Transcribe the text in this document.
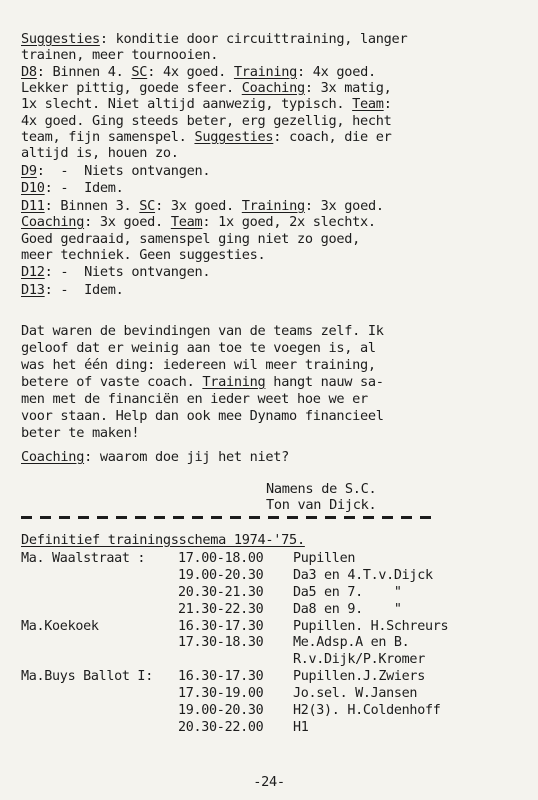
Suggesties: konditie door circuittraining, langer
trainen, meer tournooien.
D8: Binnen 4. SC: 4x goed. Training: 4x goed.
Lekker pittig, goede sfeer. Coaching: 3x matig,
1x slecht. Niet altijd aanwezig, typisch. Team:
4x goed. Ging steeds beter, erg gezellig, hecht
team, fijn samenspel. Suggesties: coach, die er
altijd is, houen zo.
D9:  -  Niets ontvangen.
D10: -  Idem.
D11: Binnen 3. SC: 3x goed. Training: 3x goed.
Coaching: 3x goed. Team: 1x goed, 2x slechtx.
Goed gedraaid, samenspel ging niet zo goed,
meer techniek. Geen suggesties.
D12: -  Niets ontvangen.
D13: -  Idem.
Dat waren de bevindingen van de teams zelf. Ik
geloof dat er weinig aan toe te voegen is, al
was het één ding: iedereen wil meer training,
betere of vaste coach. Training hangt nauw sa-
men met de financiën en ieder weet hoe we er
voor staan. Help dan ook mee Dynamo financieel
beter te maken!
Coaching: waarom doe jij het niet?
Namens de S.C.
Ton van Dijck.
Definitief trainingsschema 1974-'75.
Ma. Waalstraat : 17.00-18.00 Pupillen
19.00-20.30 Da3 en 4.T.v.Dijck
20.30-21.30 Da5 en 7.    "
21.30-22.30 Da8 en 9.    "
Ma.Koekoek	16.30-17.30 Pupillen. H.Schreurs
17.30-18.30 Me.Adsp.A en B.
R.v.Dijk/P.Kromer
Ma.Buys Ballot I: 16.30-17.30 Pupillen.J.Zwiers
17.30-19.00 Jo.sel. W.Jansen
19.00-20.30 H2(3). H.Coldenhoff
20.30-22.00 H1
-24-
